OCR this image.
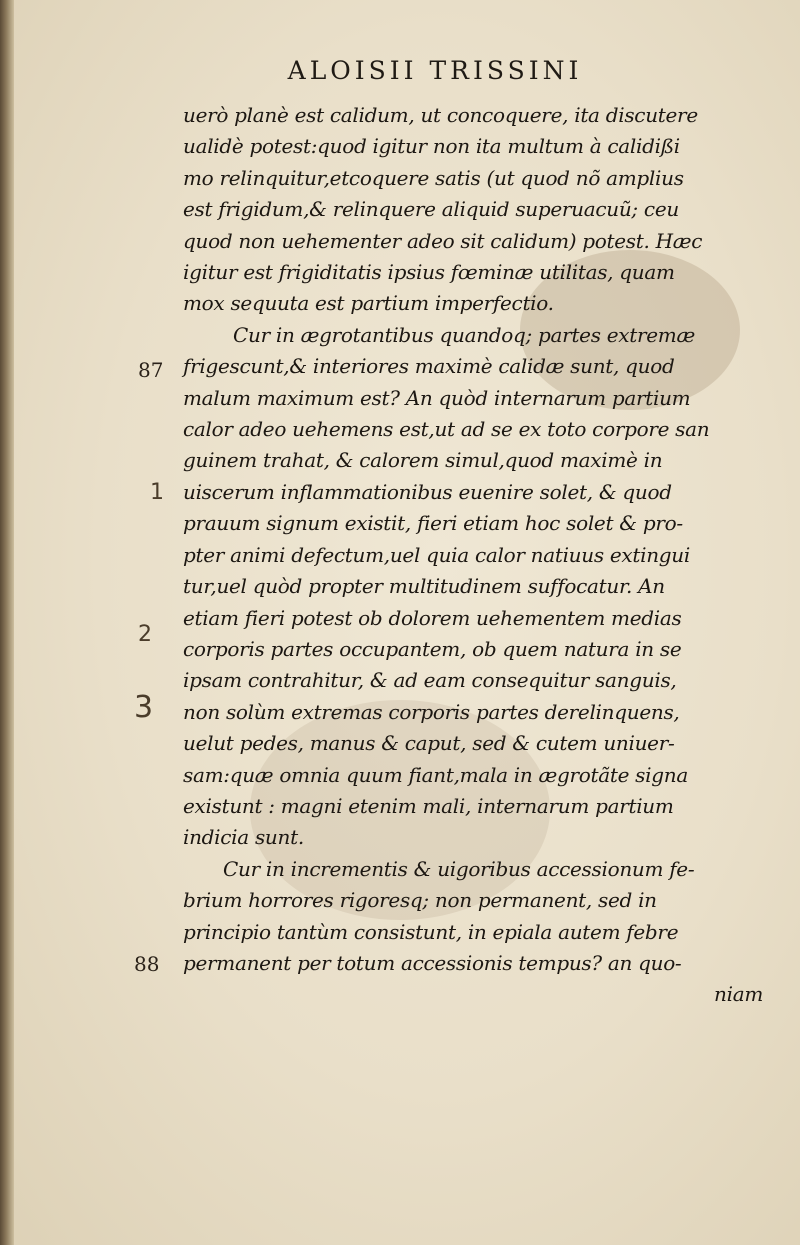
ALOISII TRISSINI
87
88
1
2
3
uerò planè est calidum, ut concoquere, ita discutere
ualidè potest:quod igitur non ita multum à calidißi
mo relinquitur,etcoquere satis (ut quod nõ amplius
est frigidum,& relinquere aliquid superuacuũ; ceu
quod non uehementer adeo sit calidum) potest. Hæc
igitur est frigiditatis ipsius fœminæ utilitas, quam
mox sequuta est partium imperfectio.
Cur in ægrotantibus quandoq; partes extremæ
frigescunt,& interiores maximè calidæ sunt, quod
malum maximum est? An quòd internarum partium
calor adeo uehemens est,ut ad se ex toto corpore san
guinem trahat, & calorem simul,quod maximè in
uiscerum inflammationibus euenire solet, & quod
prauum signum existit, fieri etiam hoc solet & pro-
pter animi defectum,uel quia calor natiuus extingui
tur,uel quòd propter multitudinem suffocatur. An
etiam fieri potest ob dolorem uehementem medias
corporis partes occupantem, ob quem natura in se
ipsam contrahitur, & ad eam consequitur sanguis,
non solùm extremas corporis partes derelinquens,
uelut pedes, manus & caput, sed & cutem uniuer-
sam:quæ omnia quum fiant,mala in ægrotãte signa
existunt : magni etenim mali, internarum partium
indicia sunt.
Cur in incrementis & uigoribus accessionum fe-
brium horrores rigoresq; non permanent, sed in
principio tantùm consistunt, in epiala autem febre
permanent per totum accessionis tempus? an quo-
niam
